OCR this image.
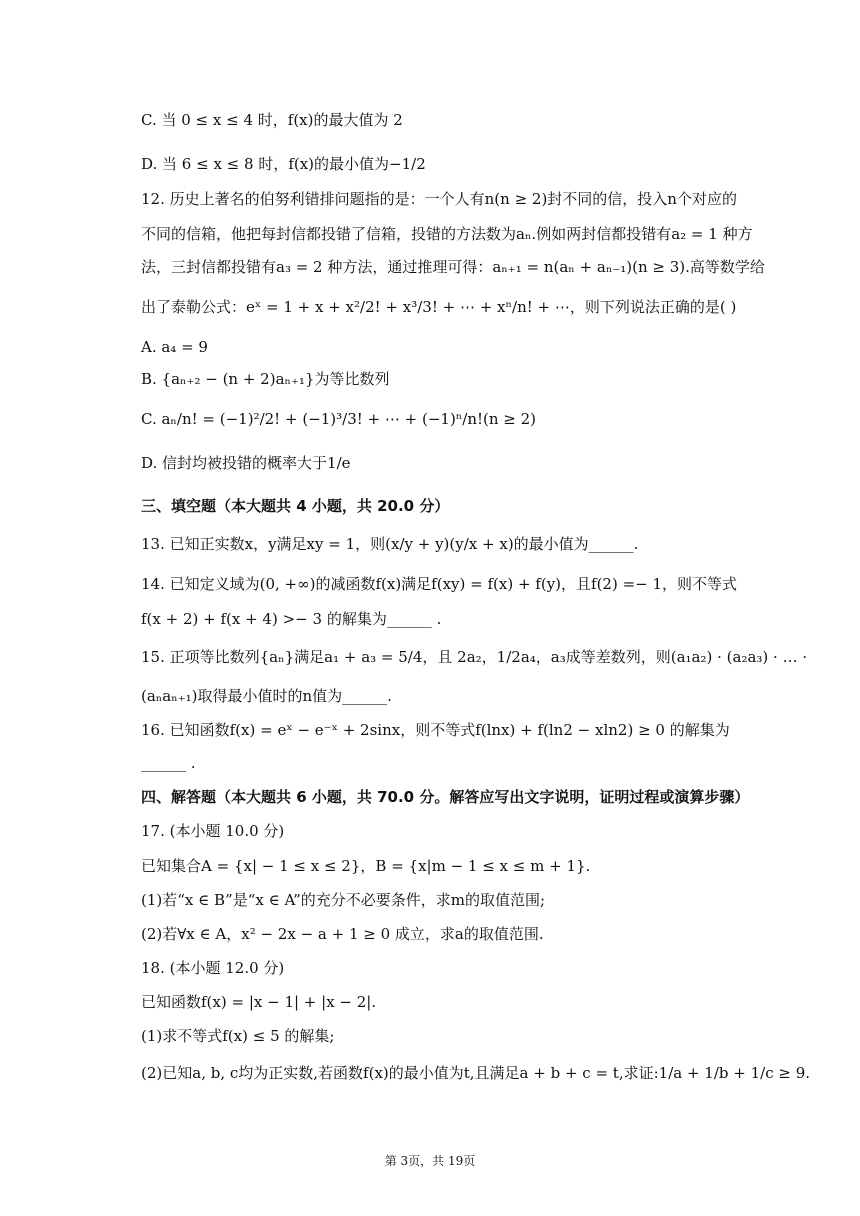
C. 当 0 ≤ x ≤ 4 时，f(x)的最大值为 2
D. 当 6 ≤ x ≤ 8 时，f(x)的最小值为−1/2
12. 历史上著名的伯努利错排问题指的是：一个人有n(n ≥ 2)封不同的信，投入n个对应的
不同的信箱，他把每封信都投错了信箱，投错的方法数为aₙ.例如两封信都投错有a₂ = 1 种方
法，三封信都投错有a₃ = 2 种方法，通过推理可得：aₙ₊₁ = n(aₙ + aₙ₋₁)(n ≥ 3).高等数学给
出了泰勒公式：eˣ = 1 + x + x²/2! + x³/3! + ⋯ + xⁿ/n! + ⋯，则下列说法正确的是( )
A. a₄ = 9
B. {aₙ₊₂ − (n + 2)aₙ₊₁}为等比数列
C. aₙ/n! = (−1)²/2! + (−1)³/3! + ⋯ + (−1)ⁿ/n!(n ≥ 2)
D. 信封均被投错的概率大于1/e
三、填空题（本大题共 4 小题，共 20.0 分）
13. 已知正实数x，y满足xy = 1，则(x/y + y)(y/x + x)的最小值为______.
14. 已知定义域为(0, +∞)的减函数f(x)满足f(xy) = f(x) + f(y)，且f(2) =− 1，则不等式
f(x + 2) + f(x + 4) >− 3 的解集为______ .
15. 正项等比数列{aₙ}满足a₁ + a₃ = 5/4，且 2a₂，1/2a₄，a₃成等差数列，则(a₁a₂) · (a₂a₃) · … ·
(aₙaₙ₊₁)取得最小值时的n值为______.
16. 已知函数f(x) = eˣ − e⁻ˣ + 2sinx，则不等式f(lnx) + f(ln2 − xln2) ≥ 0 的解集为
______ .
四、解答题（本大题共 6 小题，共 70.0 分。解答应写出文字说明，证明过程或演算步骤）
17. (本小题 10.0 分)
已知集合A = {x| − 1 ≤ x ≤ 2}，B = {x|m − 1 ≤ x ≤ m + 1}.
(1)若“x ∈ B”是“x ∈ A”的充分不必要条件，求m的取值范围;
(2)若∀x ∈ A，x² − 2x − a + 1 ≥ 0 成立，求a的取值范围.
18. (本小题 12.0 分)
已知函数f(x) = |x − 1| + |x − 2|.
(1)求不等式f(x) ≤ 5 的解集;
(2)已知a, b, c均为正实数,若函数f(x)的最小值为t,且满足a + b + c = t,求证:1/a + 1/b + 1/c ≥ 9.
第 3页，共 19页
